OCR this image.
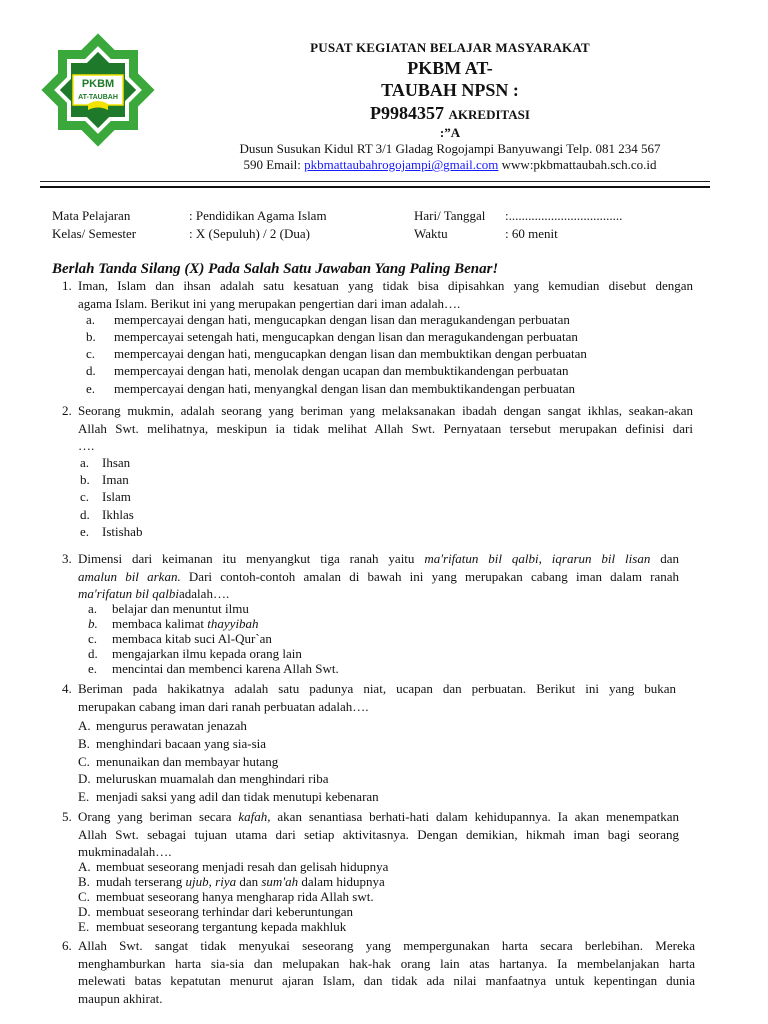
PKBM
AT-TAUBAH
PUSAT KEGIATAN BELAJAR MASYARAKAT
PKBM AT-
TAUBAH NPSN :
P9984357 AKREDITASI
:”A
Dusun Susukan Kidul RT 3/1 Gladag Rogojampi Banyuwangi Telp. 081 234 567
590 Email: pkbmattaubahrogojampi@gmail.com www:pkbmattaubah.sch.co.id
Mata Pelajaran	: Pendidikan Agama Islam	Hari/ Tanggal :...................................
Kelas/ Semester	: X (Sepuluh) / 2 (Dua)	Waktu	: 60 menit
Berlah Tanda Silang (X) Pada Salah Satu Jawaban Yang Paling Benar!
1. Iman, Islam dan ihsan adalah satu kesatuan yang tidak bisa dipisahkan yang kemudian disebut dengan
agama Islam. Berikut ini yang merupakan pengertian dari iman adalah….
a. mempercayai dengan hati, mengucapkan dengan lisan dan meragukandengan perbuatan
b. mempercayai setengah hati, mengucapkan dengan lisan dan meragukandengan perbuatan
c. mempercayai dengan hati, mengucapkan dengan lisan dan membuktikan dengan perbuatan
d. mempercayai dengan hati, menolak dengan ucapan dan membuktikandengan perbuatan
e. mempercayai dengan hati, menyangkal dengan lisan dan membuktikandengan perbuatan
2. Seorang mukmin, adalah seorang yang beriman yang melaksanakan ibadah dengan sangat ikhlas, seakan-akan
Allah Swt. melihatnya, meskipun ia tidak melihat Allah Swt. Pernyataan tersebut merupakan definisi dari
….
a. Ihsan
b. Iman
c. Islam
d. Ikhlas
e. Istishab
3. Dimensi dari keimanan itu menyangkut tiga ranah yaitu ma'rifatun bil qalbi, iqrarun bil lisan dan
amalun bil arkan. Dari contoh-contoh amalan di bawah ini yang merupakan cabang iman dalam ranah
ma'rifatun bil qalbiadalah….
a. belajar dan menuntut ilmu
b. membaca kalimat thayyibah
c. membaca kitab suci Al-Qur`an
d. mengajarkan ilmu kepada orang lain
e. mencintai dan membenci karena Allah Swt.
4. Beriman pada hakikatnya adalah satu padunya niat, ucapan dan perbuatan. Berikut ini yang bukan
merupakan cabang iman dari ranah perbuatan adalah….
A. mengurus perawatan jenazah
B. menghindari bacaan yang sia-sia
C. menunaikan dan membayar hutang
D. meluruskan muamalah dan menghindari riba
E. menjadi saksi yang adil dan tidak menutupi kebenaran
5. Orang yang beriman secara kafah, akan senantiasa berhati-hati dalam kehidupannya. Ia akan menempatkan
Allah Swt. sebagai tujuan utama dari setiap aktivitasnya. Dengan demikian, hikmah iman bagi seorang
mukminadalah….
A. membuat seseorang menjadi resah dan gelisah hidupnya
B. mudah terserang ujub, riya dan sum'ah dalam hidupnya
C. membuat seseorang hanya mengharap rida Allah swt.
D. membuat seseorang terhindar dari keberuntungan
E. membuat seseorang tergantung kepada makhluk
6. Allah Swt. sangat tidak menyukai seseorang yang mempergunakan harta secara berlebihan. Mereka
menghamburkan harta sia-sia dan melupakan hak-hak orang lain atas hartanya. Ia membelanjakan harta
melewati batas kepatutan menurut ajaran Islam, dan tidak ada nilai manfaatnya untuk kepentingan dunia
maupun akhirat.
